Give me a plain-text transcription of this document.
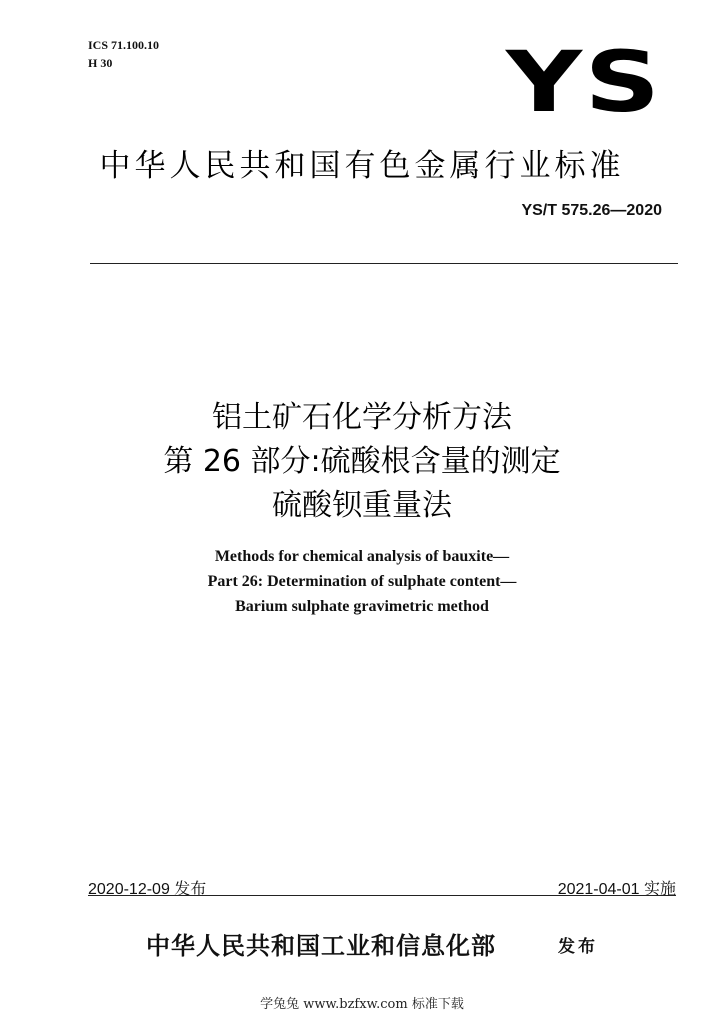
ICS 71.100.10
H 30	YS
中华人民共和国有色金属行业标准
YS/T 575.26—2020
铝土矿石化学分析方法
第 26 部分:硫酸根含量的测定
硫酸钡重量法
Methods for chemical analysis of bauxite—
Part 26: Determination of sulphate content—
Barium sulphate gravimetric method
2020-12-09 发布	2021-04-01 实施
中华人民共和国工业和信息化部	发布
学兔兔 www.bzfxw.com 标准下载
